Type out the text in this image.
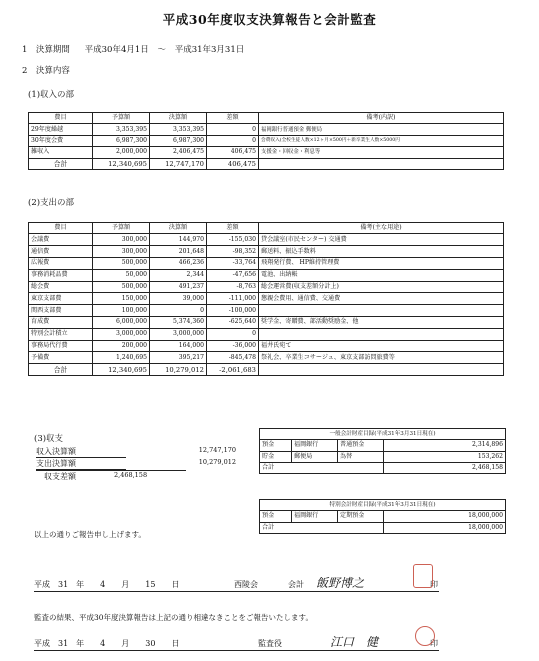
平成30年度収支決算報告と会計監査
1　決算期間 平成30年4月1日 〜 平成31年3月31日
2　決算内容
(1)収入の部
費目	予算額	決算額	差額	備考(内訳)
29年度繰越	3,353,395	3,353,395	0	福岡銀行普通預金 郵便局
30年度会費	6,987,300	6,987,300	0	会費収入(全校生徒人数×12ヶ月×500円＋新卒業生人数×5000円
雑収入	2,000,000	2,406,475	406,475	支援金・回収金・利息等
合計	12,340,695	12,747,170	406,475	
(2)支出の部
費目	予算額	決算額	差額	備考(主な用途)
会議費	300,000	144,970	-155,030	貸会議室(市民センター) 交通費
通信費	300,000	201,648	-98,352	郵送料、振込手数料
広報費	500,000	466,236	-33,764	飛翔発行費、 HP維持管理費
事務消耗品費	50,000	2,344	-47,656	電池、出納帳
総会費	500,000	491,237	-8,763	総会運営費(収支差額分計上)
東京支部費	150,000	39,000	-111,000	懇親会費用、通信費、交通費
関西支部費	100,000	0	-100,000	
育成費	6,000,000	5,374,360	-625,640	奨学金、寄贈費、部活動奨励金、他
特別会計積立	3,000,000	3,000,000	0	
事務局代行費	200,000	164,000	-36,000	福井氏宛て
予備費	1,240,695	395,217	-845,478	祭礼会、卒業生コサージュ、東京支部訪問旅費等
合計	12,340,695	10,279,012	-2,061,683	
(3)収支
収入決算額	12,747,170
支出決算額	10,279,012
収支差額	2,468,158
一般会計財産目録(平成31年3月31日現在)			
預金	福岡銀行	普通預金	2,314,896
貯金	郵便局	為替	153,262
合計			2,468,158
特別会計財産目録(平成31年3月31日現在)			
預金	福岡銀行	定期預金	18,000,000
合計			18,000,000
以上の通りご報告申し上げます。
平成　31　年　　4　　月　　15　　日	西陵会	会計 飯野博之	印
監査の結果、平成30年度決算報告は上記の通り相違なきことをご報告いたします。
平成　31　年　　4　　月　　30　　日	監査役	江口　健	印
